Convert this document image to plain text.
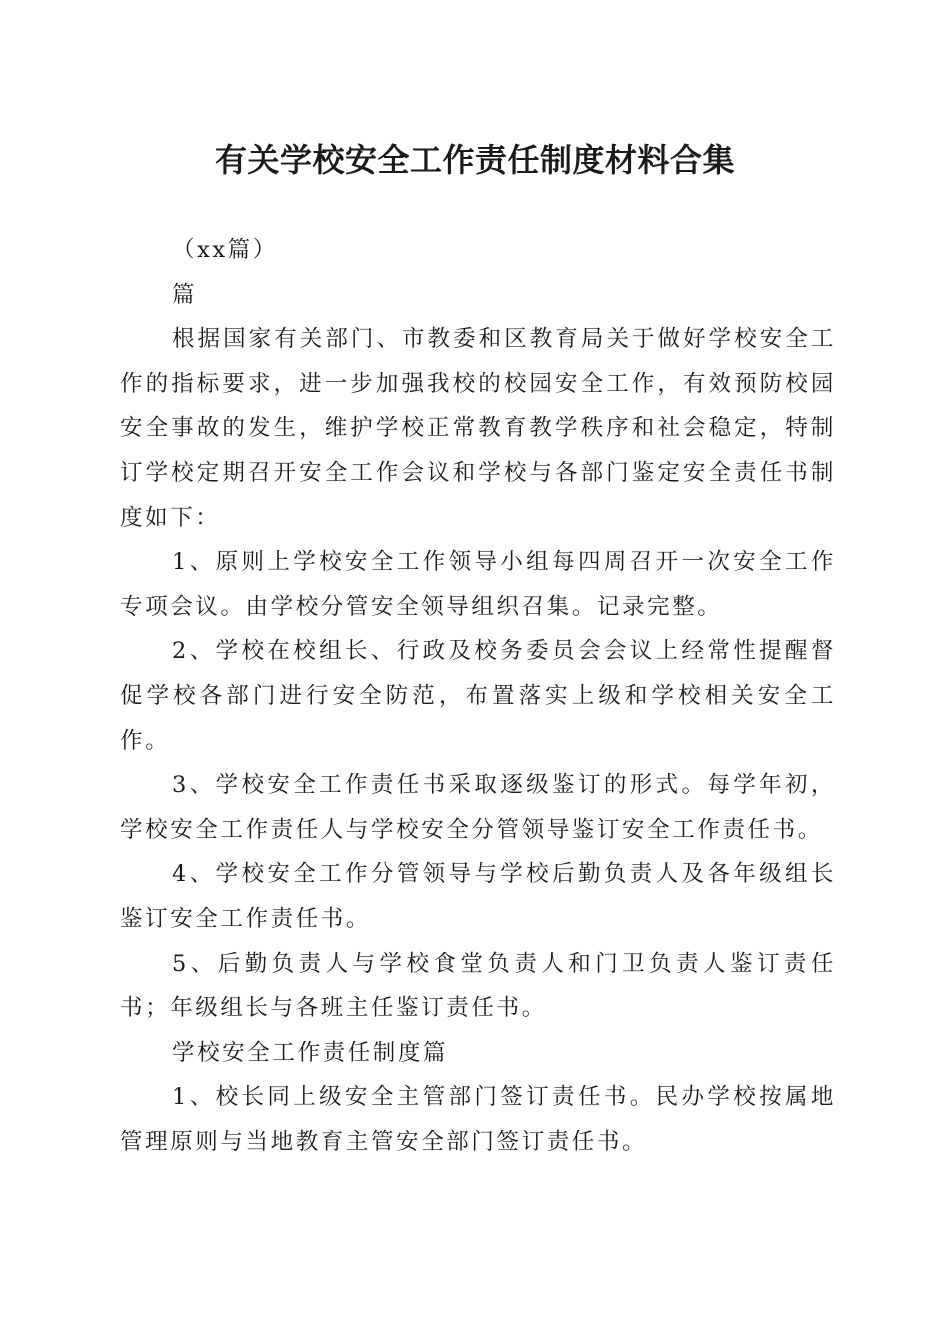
有关学校安全工作责任制度材料合集

（xx篇）

篇

根据国家有关部门、市教委和区教育局关于做好学校安全工作的指标要求，进一步加强我校的校园安全工作，有效预防校园安全事故的发生，维护学校正常教育教学秩序和社会稳定，特制订学校定期召开安全工作会议和学校与各部门鉴定安全责任书制度如下：

1、原则上学校安全工作领导小组每四周召开一次安全工作专项会议。由学校分管安全领导组织召集。记录完整。

2、学校在校组长、行政及校务委员会会议上经常性提醒督促学校各部门进行安全防范，布置落实上级和学校相关安全工作。

3、学校安全工作责任书采取逐级鉴订的形式。每学年初，学校安全工作责任人与学校安全分管领导鉴订安全工作责任书。

4、学校安全工作分管领导与学校后勤负责人及各年级组长鉴订安全工作责任书。

5、后勤负责人与学校食堂负责人和门卫负责人鉴订责任书；年级组长与各班主任鉴订责任书。

学校安全工作责任制度篇

1、校长同上级安全主管部门签订责任书。民办学校按属地管理原则与当地教育主管安全部门签订责任书。
